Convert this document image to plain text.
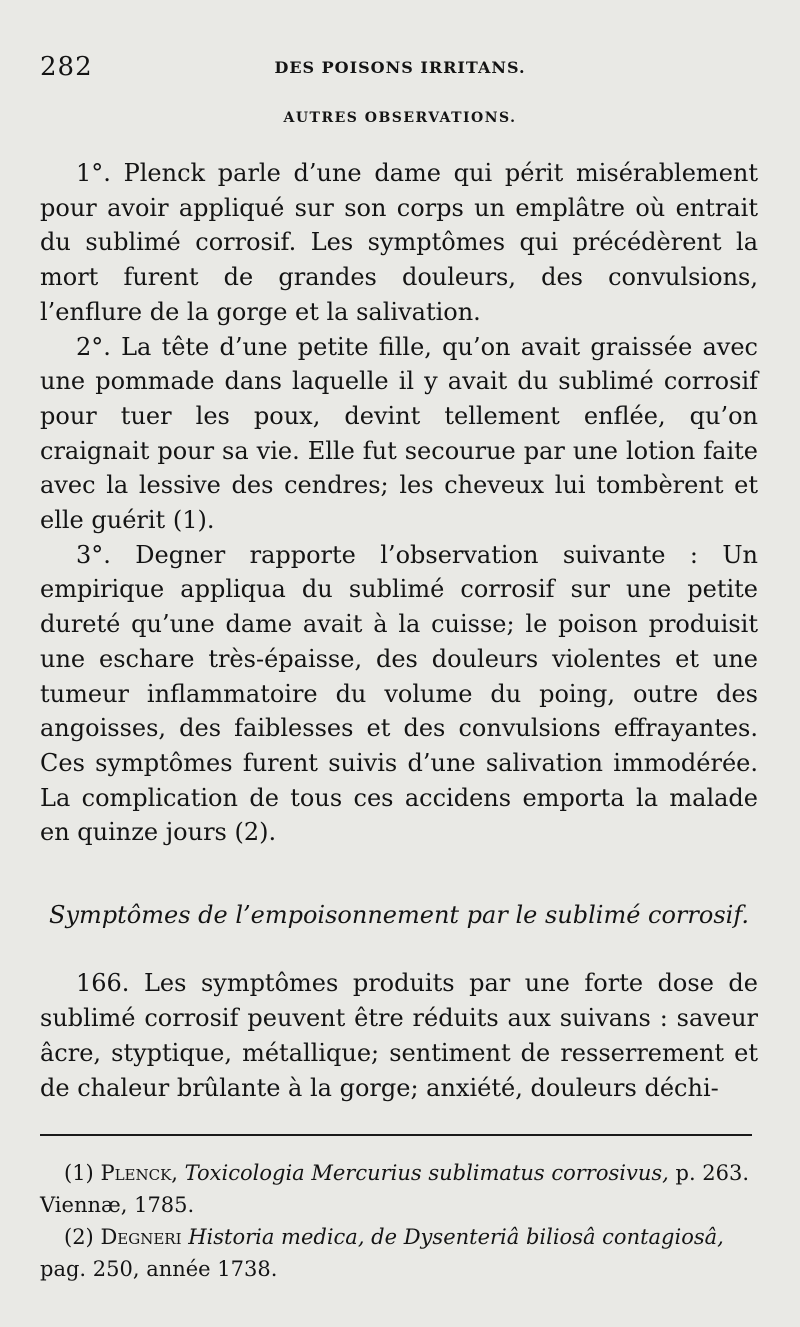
282	DES POISONS IRRITANS.
AUTRES OBSERVATIONS.

1°. Plenck parle d’une dame qui périt misérablement pour avoir appliqué sur son corps un emplâtre où entrait du sublimé corrosif. Les symptômes qui précédèrent la mort furent de grandes douleurs, des convulsions, l’enflure de la gorge et la salivation.

2°. La tête d’une petite fille, qu’on avait graissée avec une pommade dans laquelle il y avait du sublimé corrosif pour tuer les poux, devint tellement enflée, qu’on craignait pour sa vie. Elle fut secourue par une lotion faite avec la lessive des cendres; les cheveux lui tombèrent et elle guérit (1).

3°. Degner rapporte l’observation suivante : Un empirique appliqua du sublimé corrosif sur une petite dureté qu’une dame avait à la cuisse; le poison produisit une eschare très-épaisse, des douleurs violentes et une tumeur inflammatoire du volume du poing, outre des angoisses, des faiblesses et des convulsions effrayantes. Ces symptômes furent suivis d’une salivation immodérée. La complication de tous ces accidens emporta la malade en quinze jours (2).

Symptômes de l’empoisonnement par le sublimé corrosif.

166. Les symptômes produits par une forte dose de sublimé corrosif peuvent être réduits aux suivans : saveur âcre, styptique, métallique; sentiment de resserrement et de chaleur brûlante à la gorge; anxiété, douleurs déchi-

(1) Plenck, Toxicologia Mercurius sublimatus corrosivus, p. 263. Viennæ, 1785.

(2) Degneri Historia medica, de Dysenteriâ biliosâ contagiosâ, pag. 250, année 1738.
